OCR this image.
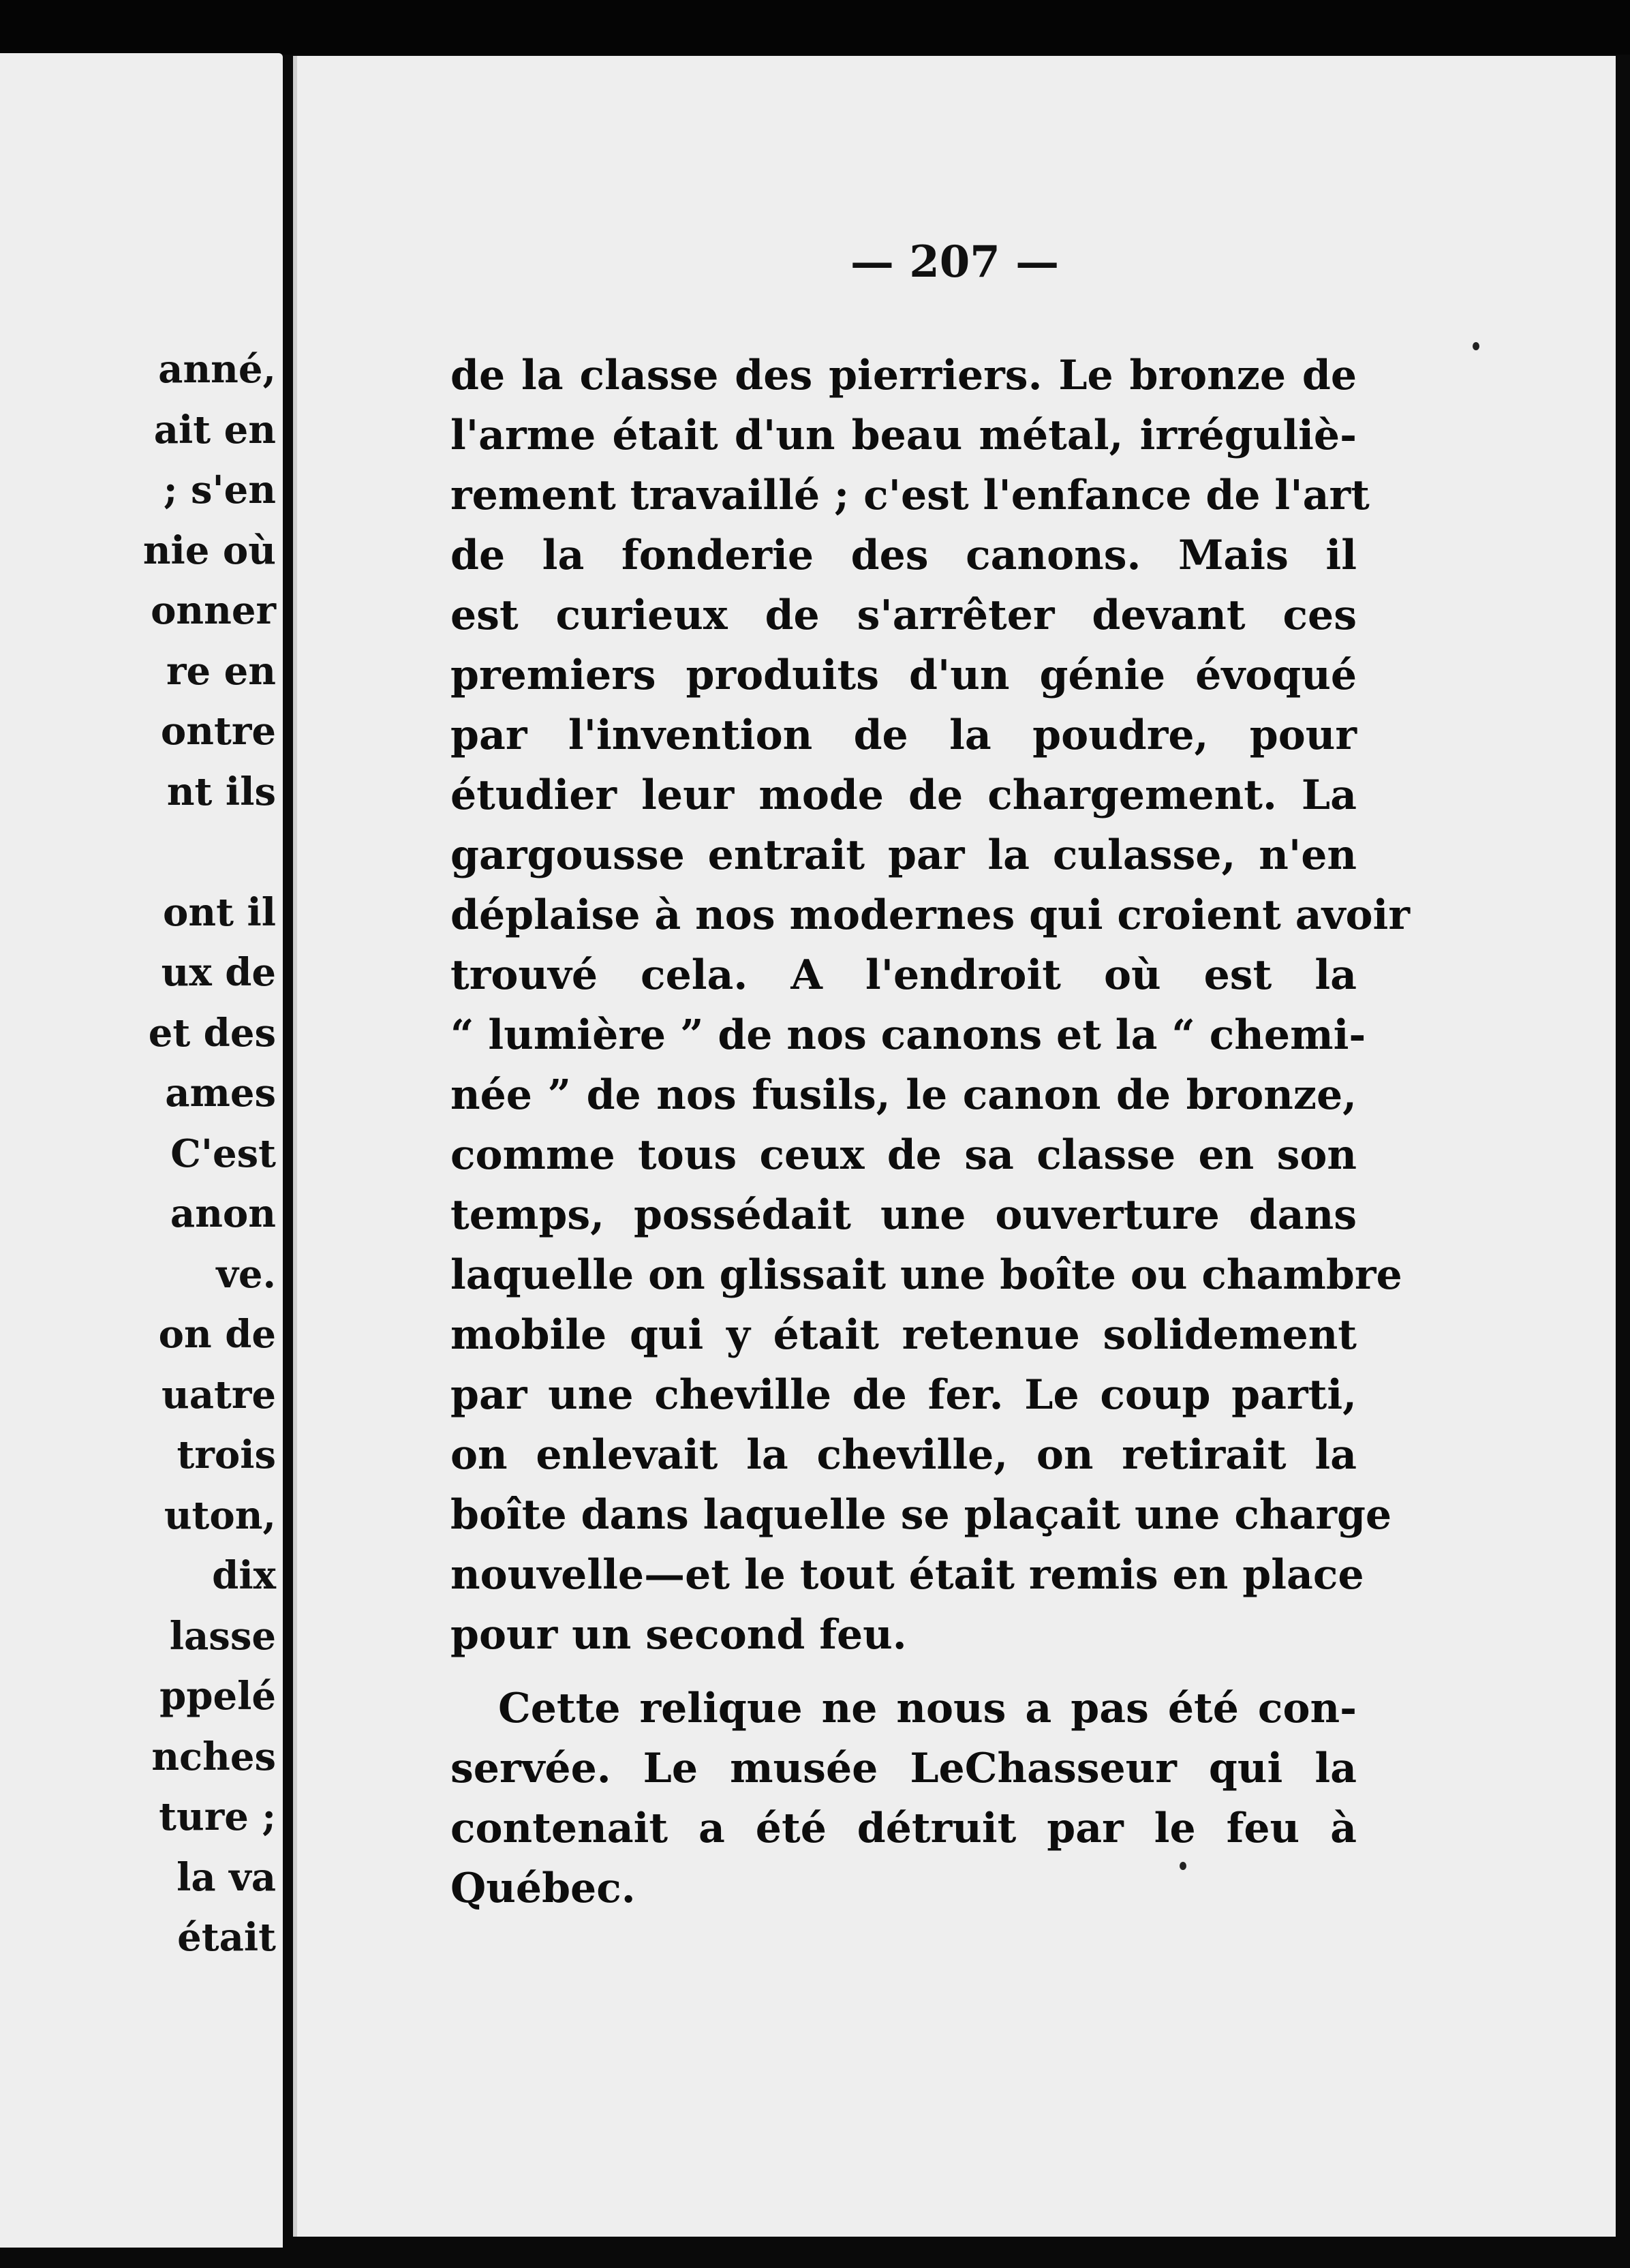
anné,
ait en
; s'en
nie où
onner
re en
ontre
nt ils
ont il
ux de
et des
ames
C'est
anon
ve.
on de
uatre
trois
uton,
dix
lasse
ppelé
nches
ture ;
la va
était
— 207 —
de la classe des pierriers. Le bronze de
l'arme était d'un beau métal, irréguliè-
rement travaillé ; c'est l'enfance de l'art
de la fonderie des canons. Mais il
est curieux de s'arrêter devant ces
premiers produits d'un génie évoqué
par l'invention de la poudre, pour
étudier leur mode de chargement. La
gargousse entrait par la culasse, n'en
déplaise à nos modernes qui croient avoir
trouvé cela. A l'endroit où est la
“ lumière ” de nos canons et la “ chemi-
née ” de nos fusils, le canon de bronze,
comme tous ceux de sa classe en son
temps, possédait une ouverture dans
laquelle on glissait une boîte ou chambre
mobile qui y était retenue solidement
par une cheville de fer. Le coup parti,
on enlevait la cheville, on retirait la
boîte dans laquelle se plaçait une charge
nouvelle—et le tout était remis en place
pour un second feu.
Cette relique ne nous a pas été con-
servée. Le musée LeChasseur qui la
contenait a été détruit par le feu à
Québec.
